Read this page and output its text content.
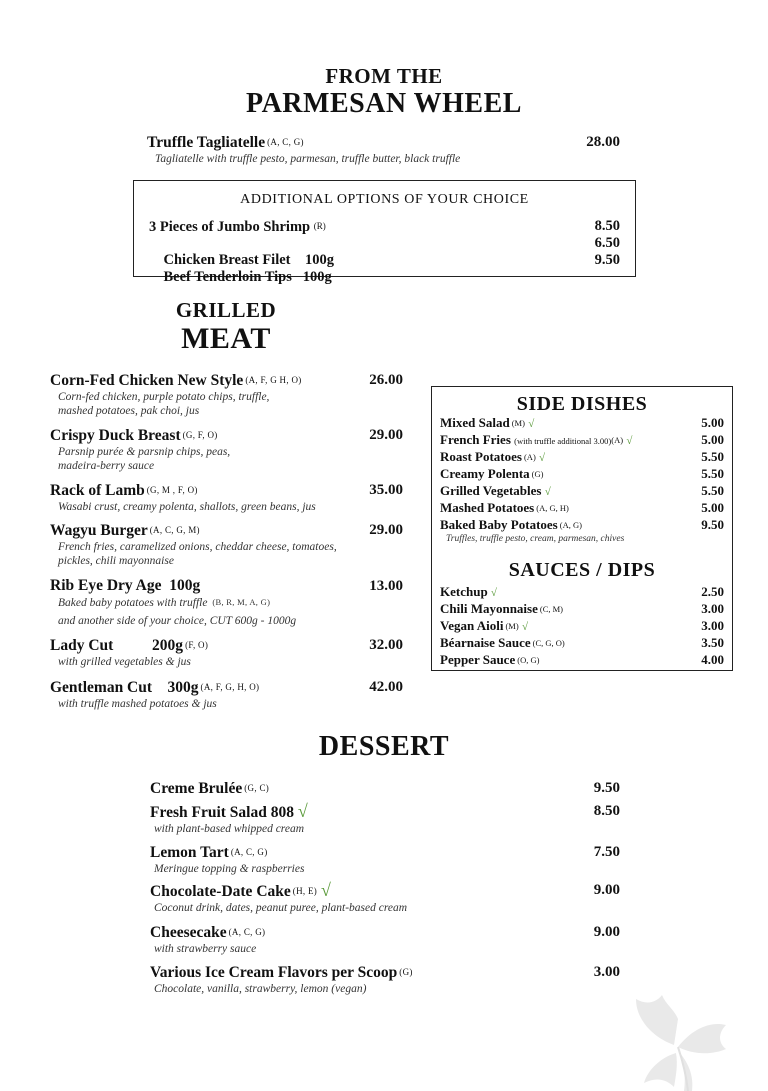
FROM THE
PARMESAN WHEEL
Truffle Tagliatelle (A, C, G)
Tagliatelle with truffle pesto, parmesan, truffle butter, black truffle
28.00
ADDITIONAL OPTIONS OF YOUR CHOICE
3 Pieces of Jumbo Shrimp (R)	8.50

Chicken Breast Filet    100g

6.50

Beef Tenderloin Tips   100g

9.50

GRILLED
MEAT
Corn-Fed Chicken New Style (A, F, G H, O)
Corn-fed chicken, purple potato chips, truffle,
mashed potatoes, pak choi, jus
26.00
Crispy Duck Breast (G, F, O)
Parsnip purée & parsnip chips, peas,
madeira-berry sauce
29.00
Rack of Lamb (G, M , F, O)
Wasabi crust, creamy polenta, shallots, green beans, jus
35.00
Wagyu Burger (A, C, G, M)
French fries, caramelized onions, cheddar cheese, tomatoes,
pickles, chili mayonnaise
29.00
Rib Eye Dry Age  100g
Baked baby potatoes with truffle (B, R, M, A, G)
and another side of your choice, CUT 600g - 1000g
13.00
Lady Cut          200g (F, O)
with grilled vegetables & jus
32.00
Gentleman Cut    300g (A, F, G, H, O)
with truffle mashed potatoes & jus
42.00
SIDE DISHES
Mixed Salad (M) √	5.00
French Fries (with truffle additional 3.00)(A) √	5.00
Roast Potatoes (A) √	5.50
Creamy Polenta (G)	5.50
Grilled Vegetables √	5.50
Mashed Potatoes (A, G, H)	5.00
Baked Baby Potatoes (A, G)	9.50
Truffles, truffle pesto, cream, parmesan, chives
SAUCES / DIPS
Ketchup √	2.50
Chili Mayonnaise (C, M)	3.00
Vegan Aioli (M) √	3.00
Béarnaise Sauce (C, G, O)	3.50
Pepper Sauce (O, G)	4.00
DESSERT
Creme Brulée (G, C)	9.50
Fresh Fruit Salad 808 √
with plant-based whipped cream
8.50
Lemon Tart (A, C, G)
Meringue topping & raspberries
7.50
Chocolate-Date Cake (H, E) √
Coconut drink, dates, peanut puree, plant-based cream
9.00
Cheesecake (A, C, G)
with strawberry sauce
9.00
Various Ice Cream Flavors per Scoop (G)
Chocolate, vanilla, strawberry, lemon (vegan)
3.00
